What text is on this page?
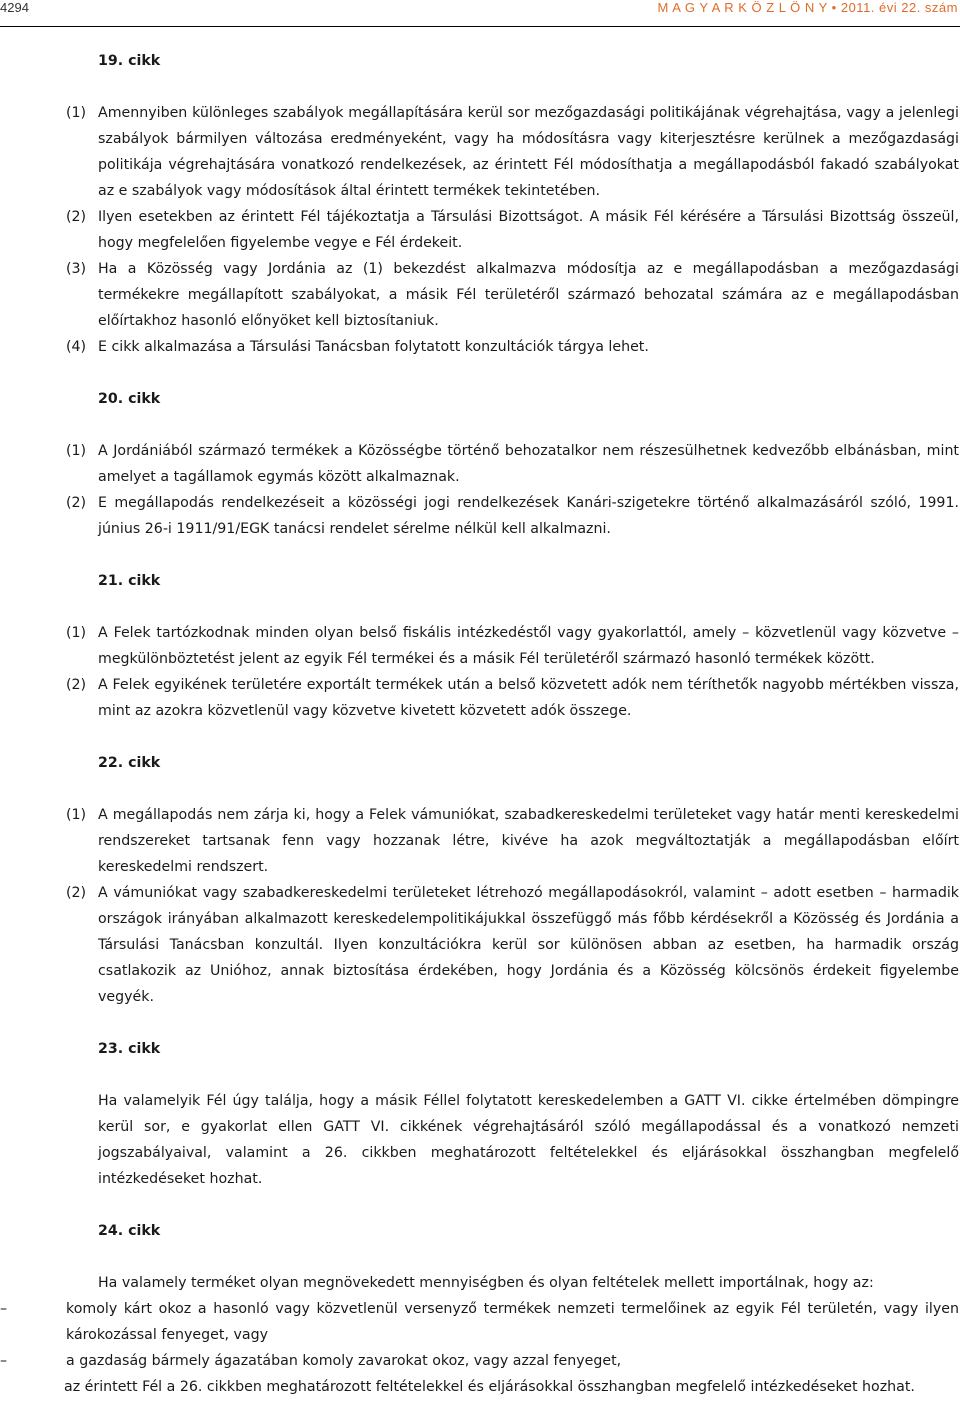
4294	M A G Y A R K Ö Z L Ö N Y • 2011. évi 22. szám
19. cikk
(1) Amennyiben különleges szabályok megállapítására kerül sor mezőgazdasági politikájának végrehajtása, vagy a jelenlegi szabályok bármilyen változása eredményeként, vagy ha módosításra vagy kiterjesztésre kerülnek a mezőgazdasági politikája végrehajtására vonatkozó rendelkezések, az érintett Fél módosíthatja a megállapodásból fakadó szabályokat az e szabályok vagy módosítások által érintett termékek tekintetében.
(2) Ilyen esetekben az érintett Fél tájékoztatja a Társulási Bizottságot. A másik Fél kérésére a Társulási Bizottság összeül, hogy megfelelően figyelembe vegye e Fél érdekeit.
(3) Ha a Közösség vagy Jordánia az (1) bekezdést alkalmazva módosítja az e megállapodásban a mezőgazdasági termékekre megállapított szabályokat, a másik Fél területéről származó behozatal számára az e megállapodásban előírtakhoz hasonló előnyöket kell biztosítaniuk.
(4) E cikk alkalmazása a Társulási Tanácsban folytatott konzultációk tárgya lehet.
20. cikk
(1) A Jordániából származó termékek a Közösségbe történő behozatalkor nem részesülhetnek kedvezőbb elbánásban, mint amelyet a tagállamok egymás között alkalmaznak.
(2) E megállapodás rendelkezéseit a közösségi jogi rendelkezések Kanári-szigetekre történő alkalmazásáról szóló, 1991. június 26-i 1911/91/EGK tanácsi rendelet sérelme nélkül kell alkalmazni.
21. cikk
(1) A Felek tartózkodnak minden olyan belső fiskális intézkedéstől vagy gyakorlattól, amely – közvetlenül vagy közvetve – megkülönböztetést jelent az egyik Fél termékei és a másik Fél területéről származó hasonló termékek között.
(2) A Felek egyikének területére exportált termékek után a belső közvetett adók nem téríthetők nagyobb mértékben vissza, mint az azokra közvetlenül vagy közvetve kivetett közvetett adók összege.
22. cikk
(1) A megállapodás nem zárja ki, hogy a Felek vámuniókat, szabadkereskedelmi területeket vagy határ menti kereskedelmi rendszereket tartsanak fenn vagy hozzanak létre, kivéve ha azok megváltoztatják a megállapodásban előírt kereskedelmi rendszert.
(2) A vámuniókat vagy szabadkereskedelmi területeket létrehozó megállapodásokról, valamint – adott esetben – harmadik országok irányában alkalmazott kereskedelempolitikájukkal összefüggő más főbb kérdésekről a Közösség és Jordánia a Társulási Tanácsban konzultál. Ilyen konzultációkra kerül sor különösen abban az esetben, ha harmadik ország csatlakozik az Unióhoz, annak biztosítása érdekében, hogy Jordánia és a Közösség kölcsönös érdekeit figyelembe vegyék.
23. cikk
Ha valamelyik Fél úgy találja, hogy a másik Féllel folytatott kereskedelemben a GATT VI. cikke értelmében dömpingre kerül sor, e gyakorlat ellen GATT VI. cikkének végrehajtásáról szóló megállapodással és a vonatkozó nemzeti jogszabályaival, valamint a 26. cikkben meghatározott feltételekkel és eljárásokkal összhangban megfelelő intézkedéseket hozhat.
24. cikk
Ha valamely terméket olyan megnövekedett mennyiségben és olyan feltételek mellett importálnak, hogy az:
–	komoly kárt okoz a hasonló vagy közvetlenül versenyző termékek nemzeti termelőinek az egyik Fél területén, vagy ilyen károkozással fenyeget, vagy
–	a gazdaság bármely ágazatában komoly zavarokat okoz, vagy azzal fenyeget,
az érintett Fél a 26. cikkben meghatározott feltételekkel és eljárásokkal összhangban megfelelő intézkedéseket hozhat.
